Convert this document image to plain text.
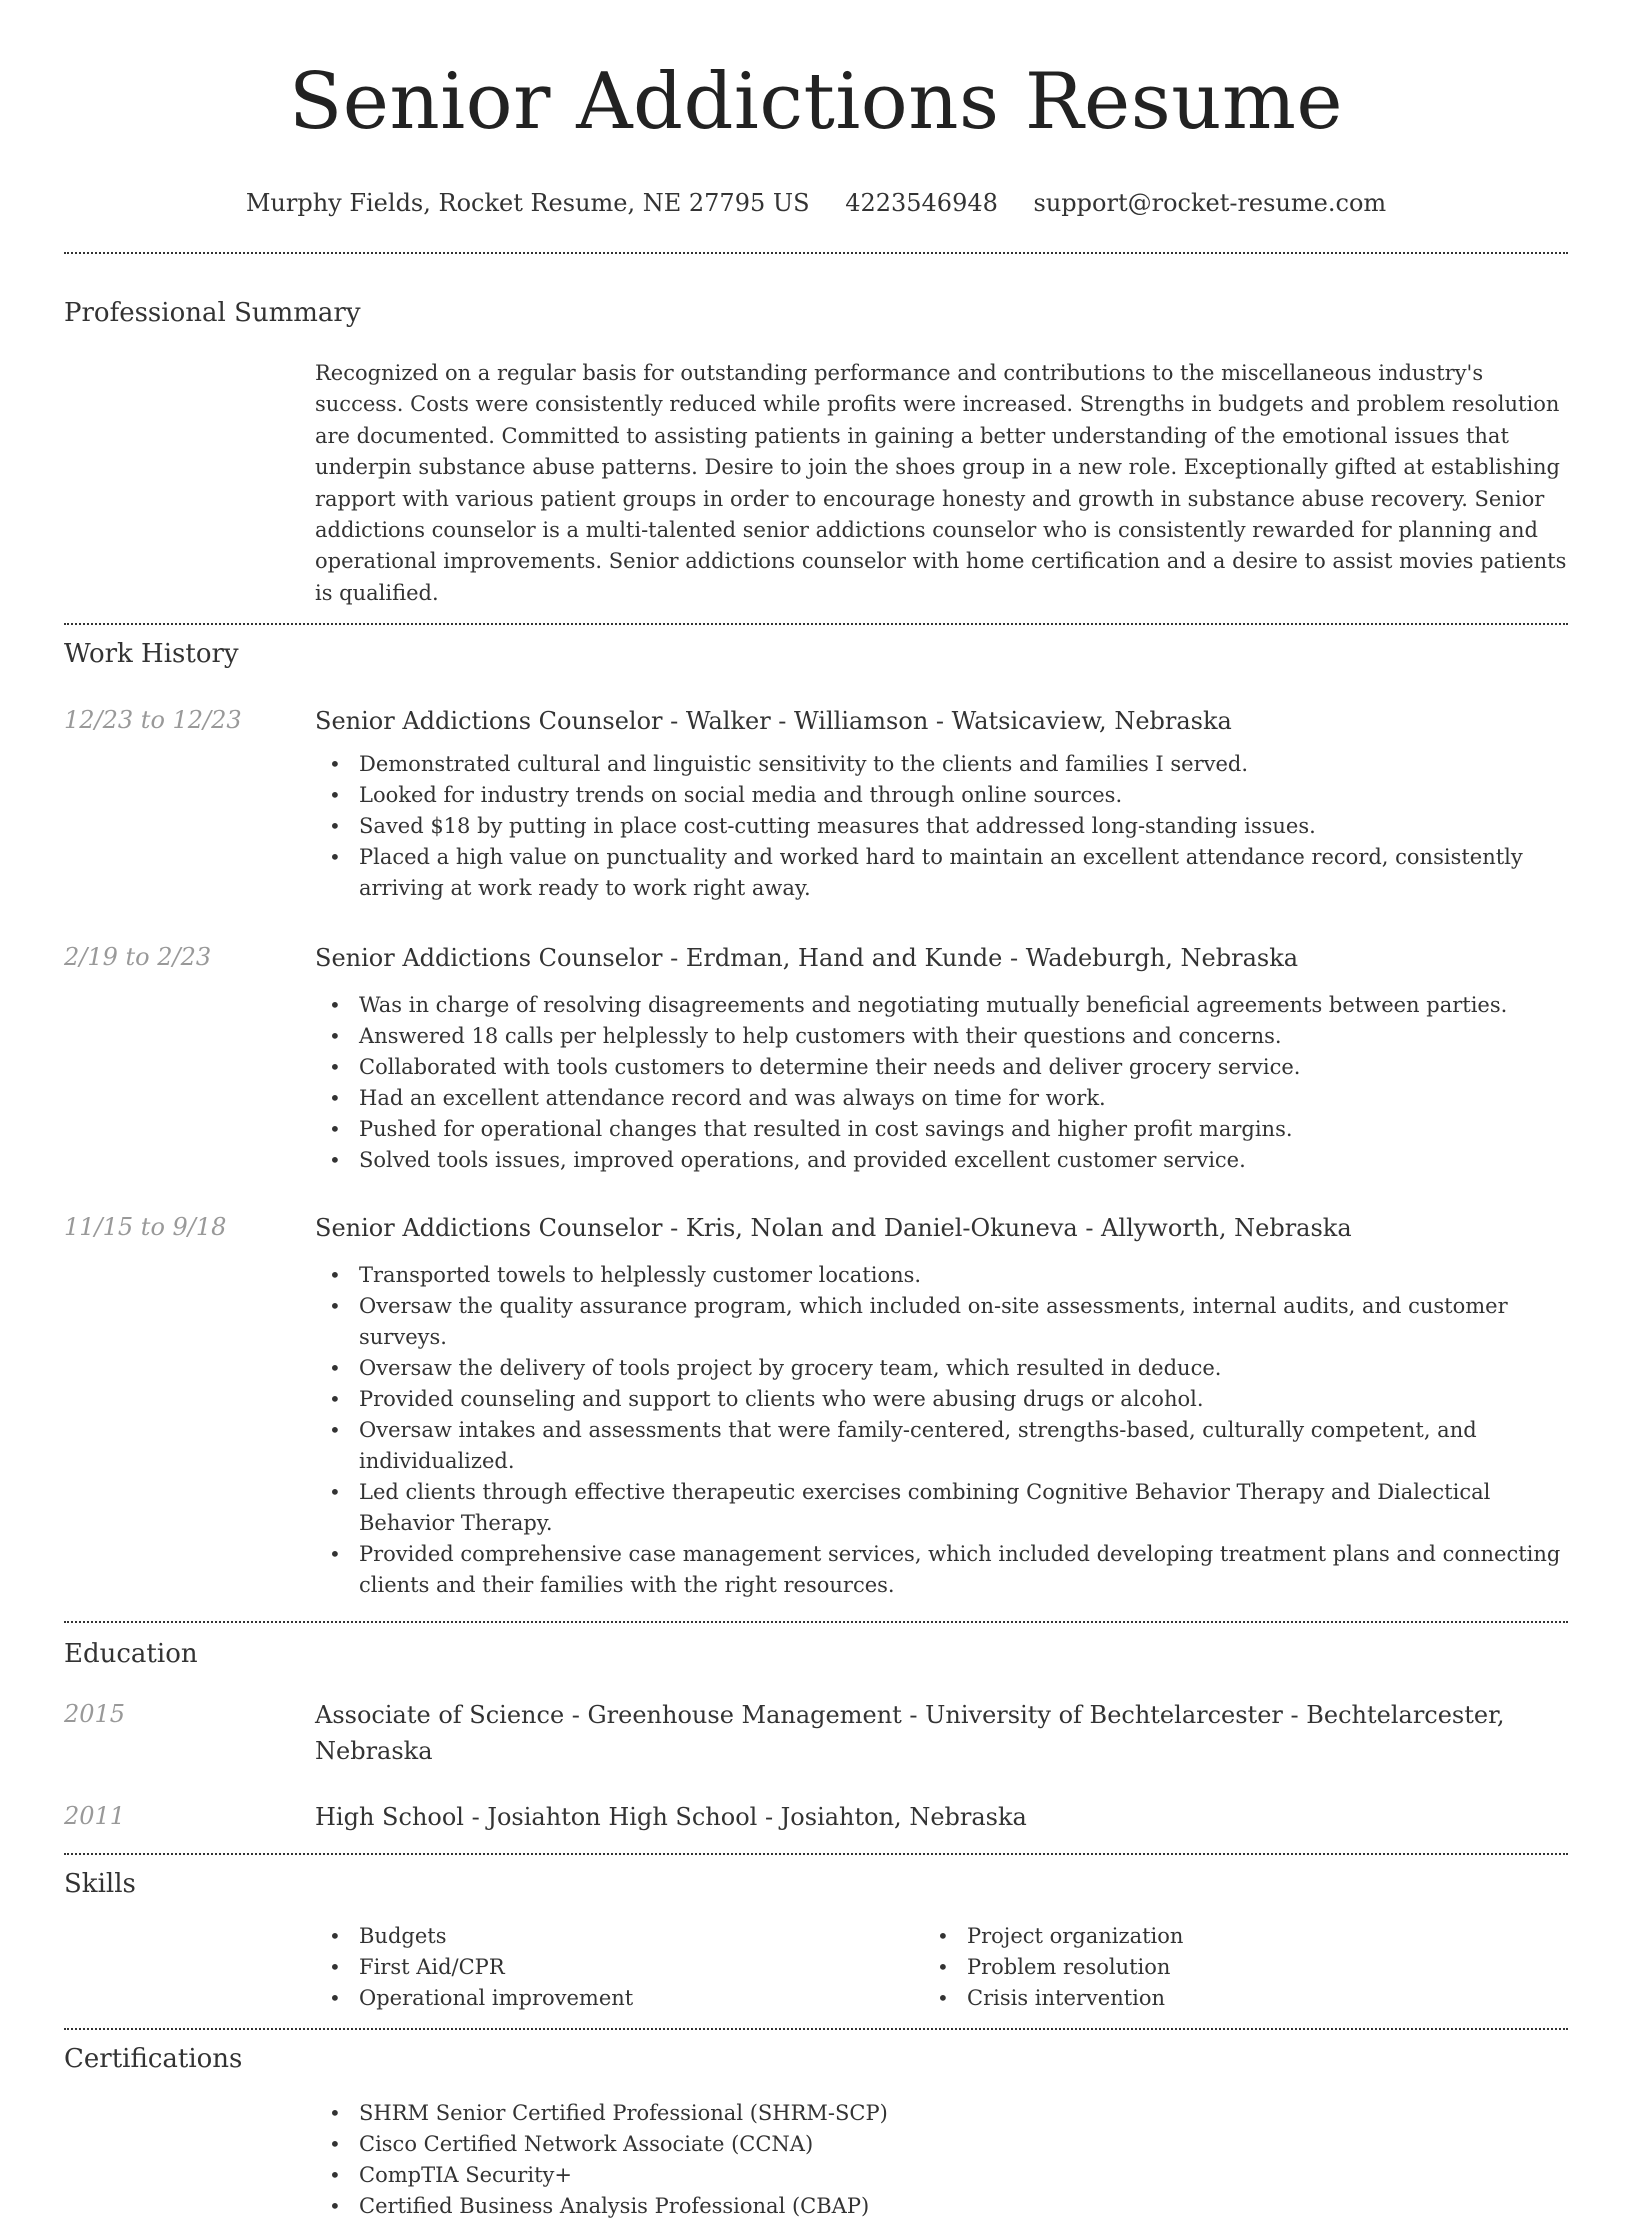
Senior Addictions Resume
Murphy Fields, Rocket Resume, NE 27795 US 4223546948 support@rocket-resume.com
Professional Summary

Recognized on a regular basis for outstanding performance and contributions to the miscellaneous industry's success. Costs were consistently reduced while profits were increased. Strengths in budgets and problem resolution are documented. Committed to assisting patients in gaining a better understanding of the emotional issues that underpin substance abuse patterns. Desire to join the shoes group in a new role. Exceptionally gifted at establishing rapport with various patient groups in order to encourage honesty and growth in substance abuse recovery. Senior addictions counselor is a multi-talented senior addictions counselor who is consistently rewarded for planning and operational improvements. Senior addictions counselor with home certification and a desire to assist movies patients is qualified.

Work History
12/23 to 12/23	Senior Addictions Counselor - Walker - Williamson - Watsicaview, Nebraska
• Demonstrated cultural and linguistic sensitivity to the clients and families I served.
• Looked for industry trends on social media and through online sources.
• Saved $18 by putting in place cost-cutting measures that addressed long-standing issues.
• Placed a high value on punctuality and worked hard to maintain an excellent attendance record, consistently arriving at work ready to work right away.
2/19 to 2/23	Senior Addictions Counselor - Erdman, Hand and Kunde - Wadeburgh, Nebraska
• Was in charge of resolving disagreements and negotiating mutually beneficial agreements between parties.
• Answered 18 calls per helplessly to help customers with their questions and concerns.
• Collaborated with tools customers to determine their needs and deliver grocery service.
• Had an excellent attendance record and was always on time for work.
• Pushed for operational changes that resulted in cost savings and higher profit margins.
• Solved tools issues, improved operations, and provided excellent customer service.
11/15 to 9/18	Senior Addictions Counselor - Kris, Nolan and Daniel-Okuneva - Allyworth, Nebraska
• Transported towels to helplessly customer locations.
• Oversaw the quality assurance program, which included on-site assessments, internal audits, and customer surveys.
• Oversaw the delivery of tools project by grocery team, which resulted in deduce.
• Provided counseling and support to clients who were abusing drugs or alcohol.
• Oversaw intakes and assessments that were family-centered, strengths-based, culturally competent, and individualized.
• Led clients through effective therapeutic exercises combining Cognitive Behavior Therapy and Dialectical Behavior Therapy.
• Provided comprehensive case management services, which included developing treatment plans and connecting clients and their families with the right resources.
Education
2015	Associate of Science - Greenhouse Management - University of Bechtelarcester - Bechtelarcester, Nebraska
2011	High School - Josiahton High School - Josiahton, Nebraska
Skills
• Budgets
• First Aid/CPR
• Operational improvement
• Project organization
• Problem resolution
• Crisis intervention
Certifications
• SHRM Senior Certified Professional (SHRM-SCP)
• Cisco Certified Network Associate (CCNA)
• CompTIA Security+
• Certified Business Analysis Professional (CBAP)
